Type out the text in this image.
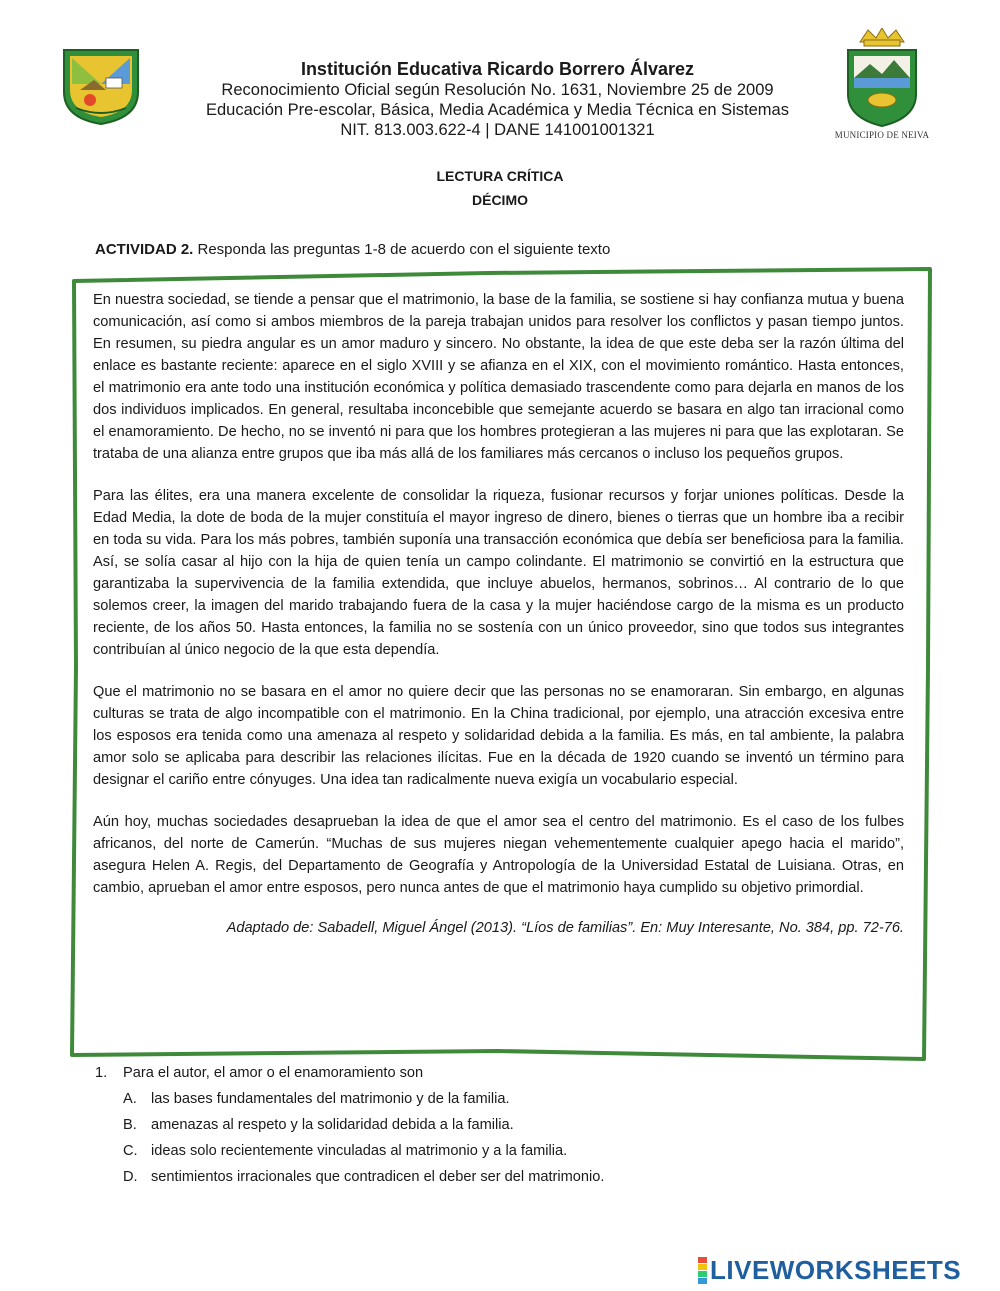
Institución Educativa Ricardo Borrero Álvarez
Reconocimiento Oficial según Resolución No. 1631, Noviembre 25 de 2009
Educación Pre-escolar, Básica, Media Académica y Media Técnica en Sistemas
NIT. 813.003.622-4 | DANE 141001001321	MUNICIPIO DE NEIVA
LECTURA CRÍTICA
DÉCIMO
ACTIVIDAD 2. Responda las preguntas 1-8 de acuerdo con el siguiente texto

En nuestra sociedad, se tiende a pensar que el matrimonio, la base de la familia, se sostiene si hay confianza mutua y buena comunicación, así como si ambos miembros de la pareja trabajan unidos para resolver los conflictos y pasan tiempo juntos. En resumen, su piedra angular es un amor maduro y sincero. No obstante, la idea de que este deba ser la razón última del enlace es bastante reciente: aparece en el siglo XVIII y se afianza en el XIX, con el movimiento romántico. Hasta entonces, el matrimonio era ante todo una institución económica y política demasiado trascendente como para dejarla en manos de los dos individuos implicados. En general, resultaba inconcebible que semejante acuerdo se basara en algo tan irracional como el enamoramiento. De hecho, no se inventó ni para que los hombres protegieran a las mujeres ni para que las explotaran. Se trataba de una alianza entre grupos que iba más allá de los familiares más cercanos o incluso los pequeños grupos.

Para las élites, era una manera excelente de consolidar la riqueza, fusionar recursos y forjar uniones políticas. Desde la Edad Media, la dote de boda de la mujer constituía el mayor ingreso de dinero, bienes o tierras que un hombre iba a recibir en toda su vida. Para los más pobres, también suponía una transacción económica que debía ser beneficiosa para la familia. Así, se solía casar al hijo con la hija de quien tenía un campo colindante. El matrimonio se convirtió en la estructura que garantizaba la supervivencia de la familia extendida, que incluye abuelos, hermanos, sobrinos… Al contrario de lo que solemos creer, la imagen del marido trabajando fuera de la casa y la mujer haciéndose cargo de la misma es un producto reciente, de los años 50. Hasta entonces, la familia no se sostenía con un único proveedor, sino que todos sus integrantes contribuían al único negocio de la que esta dependía.

Que el matrimonio no se basara en el amor no quiere decir que las personas no se enamoraran. Sin embargo, en algunas culturas se trata de algo incompatible con el matrimonio. En la China tradicional, por ejemplo, una atracción excesiva entre los esposos era tenida como una amenaza al respeto y solidaridad debida a la familia. Es más, en tal ambiente, la palabra amor solo se aplicaba para describir las relaciones ilícitas. Fue en la década de 1920 cuando se inventó un término para designar el cariño entre cónyuges. Una idea tan radicalmente nueva exigía un vocabulario especial.

Aún hoy, muchas sociedades desaprueban la idea de que el amor sea el centro del matrimonio. Es el caso de los fulbes africanos, del norte de Camerún. “Muchas de sus mujeres niegan vehementemente cualquier apego hacia el marido”, asegura Helen A. Regis, del Departamento de Geografía y Antropología de la Universidad Estatal de Luisiana. Otras, en cambio, aprueban el amor entre esposos, pero nunca antes de que el matrimonio haya cumplido su objetivo primordial.

Adaptado de: Sabadell, Miguel Ángel (2013). “Líos de familias”. En: Muy Interesante, No. 384, pp. 72-76.
1. Para el autor, el amor o el enamoramiento son
A. las bases fundamentales del matrimonio y de la familia.
B. amenazas al respeto y la solidaridad debida a la familia.
C. ideas solo recientemente vinculadas al matrimonio y a la familia.
D. sentimientos irracionales que contradicen el deber ser del matrimonio.
LIVEWORKSHEETS
